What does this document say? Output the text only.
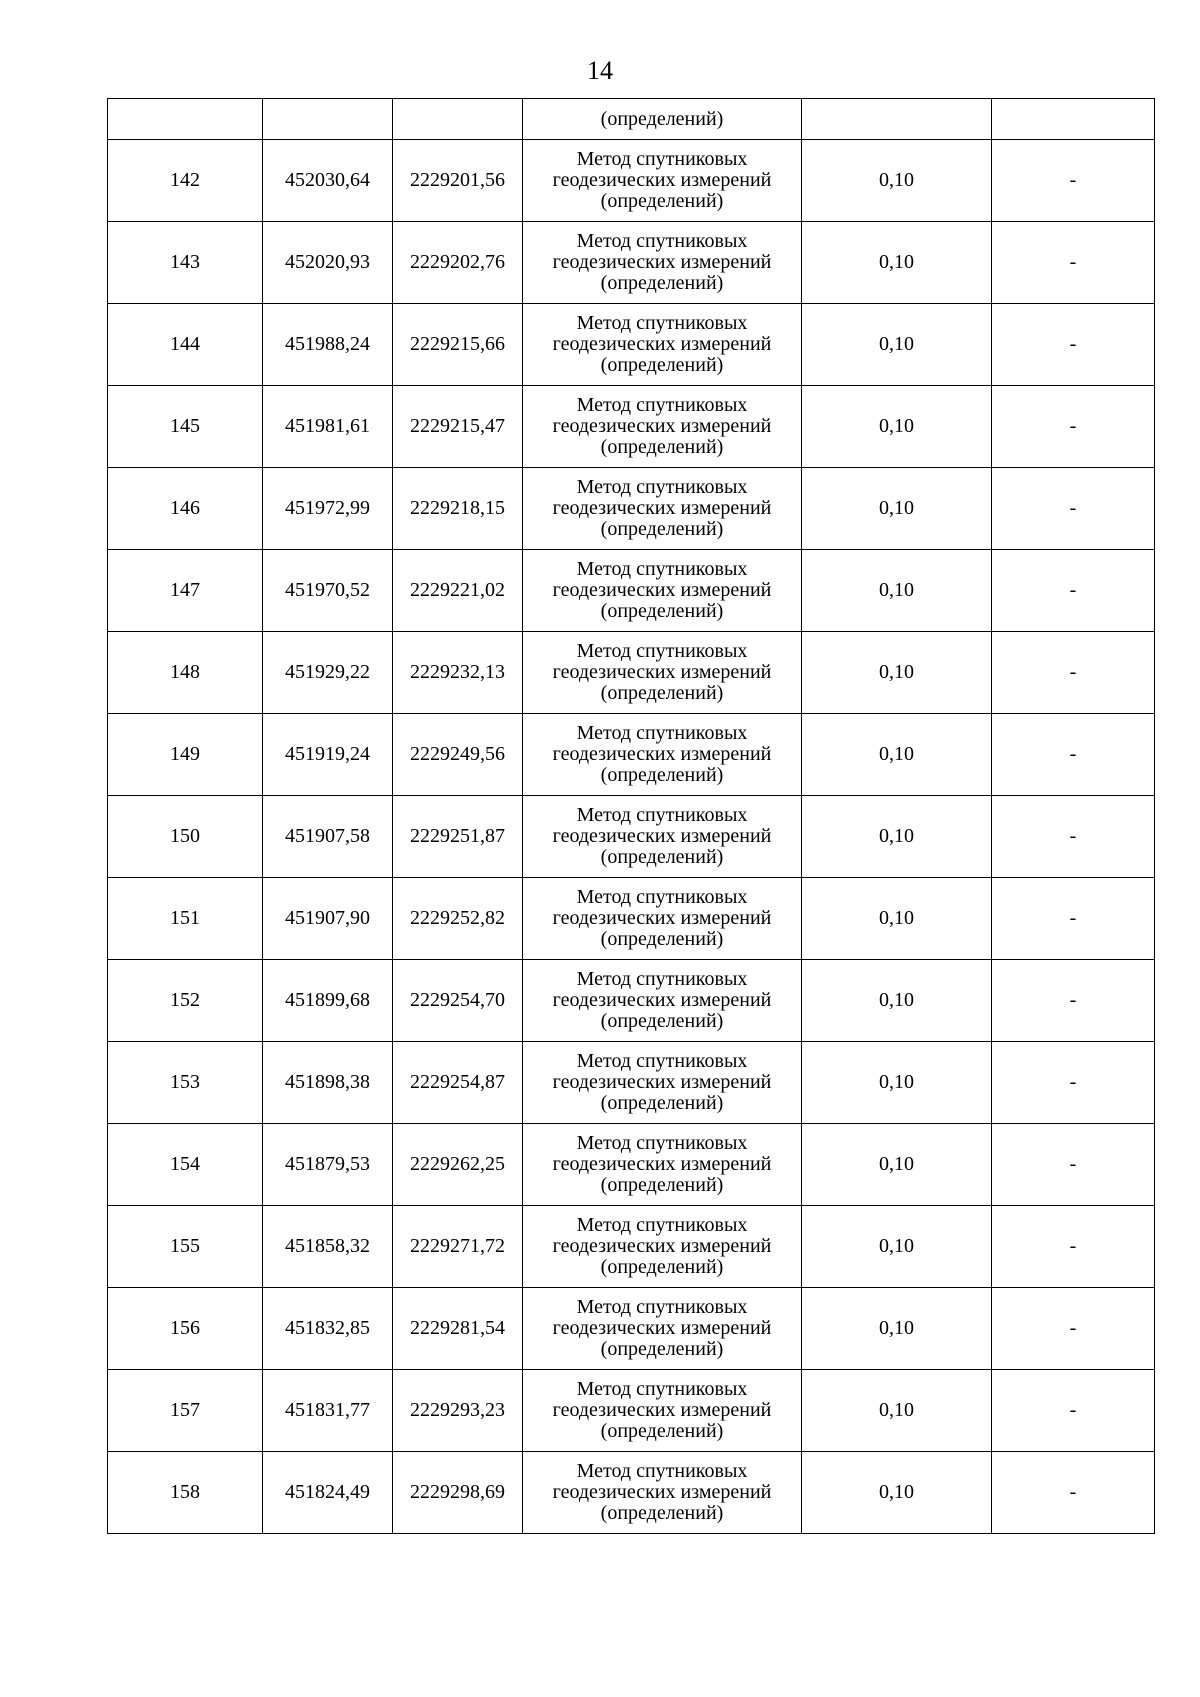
14
			(определений)		
142	452030,64	2229201,56	Метод спутниковых
геодезических измерений
(определений)	0,10	-
143	452020,93	2229202,76	Метод спутниковых
геодезических измерений
(определений)	0,10	-
144	451988,24	2229215,66	Метод спутниковых
геодезических измерений
(определений)	0,10	-
145	451981,61	2229215,47	Метод спутниковых
геодезических измерений
(определений)	0,10	-
146	451972,99	2229218,15	Метод спутниковых
геодезических измерений
(определений)	0,10	-
147	451970,52	2229221,02	Метод спутниковых
геодезических измерений
(определений)	0,10	-
148	451929,22	2229232,13	Метод спутниковых
геодезических измерений
(определений)	0,10	-
149	451919,24	2229249,56	Метод спутниковых
геодезических измерений
(определений)	0,10	-
150	451907,58	2229251,87	Метод спутниковых
геодезических измерений
(определений)	0,10	-
151	451907,90	2229252,82	Метод спутниковых
геодезических измерений
(определений)	0,10	-
152	451899,68	2229254,70	Метод спутниковых
геодезических измерений
(определений)	0,10	-
153	451898,38	2229254,87	Метод спутниковых
геодезических измерений
(определений)	0,10	-
154	451879,53	2229262,25	Метод спутниковых
геодезических измерений
(определений)	0,10	-
155	451858,32	2229271,72	Метод спутниковых
геодезических измерений
(определений)	0,10	-
156	451832,85	2229281,54	Метод спутниковых
геодезических измерений
(определений)	0,10	-
157	451831,77	2229293,23	Метод спутниковых
геодезических измерений
(определений)	0,10	-
158	451824,49	2229298,69	Метод спутниковых
геодезических измерений
(определений)	0,10	-
